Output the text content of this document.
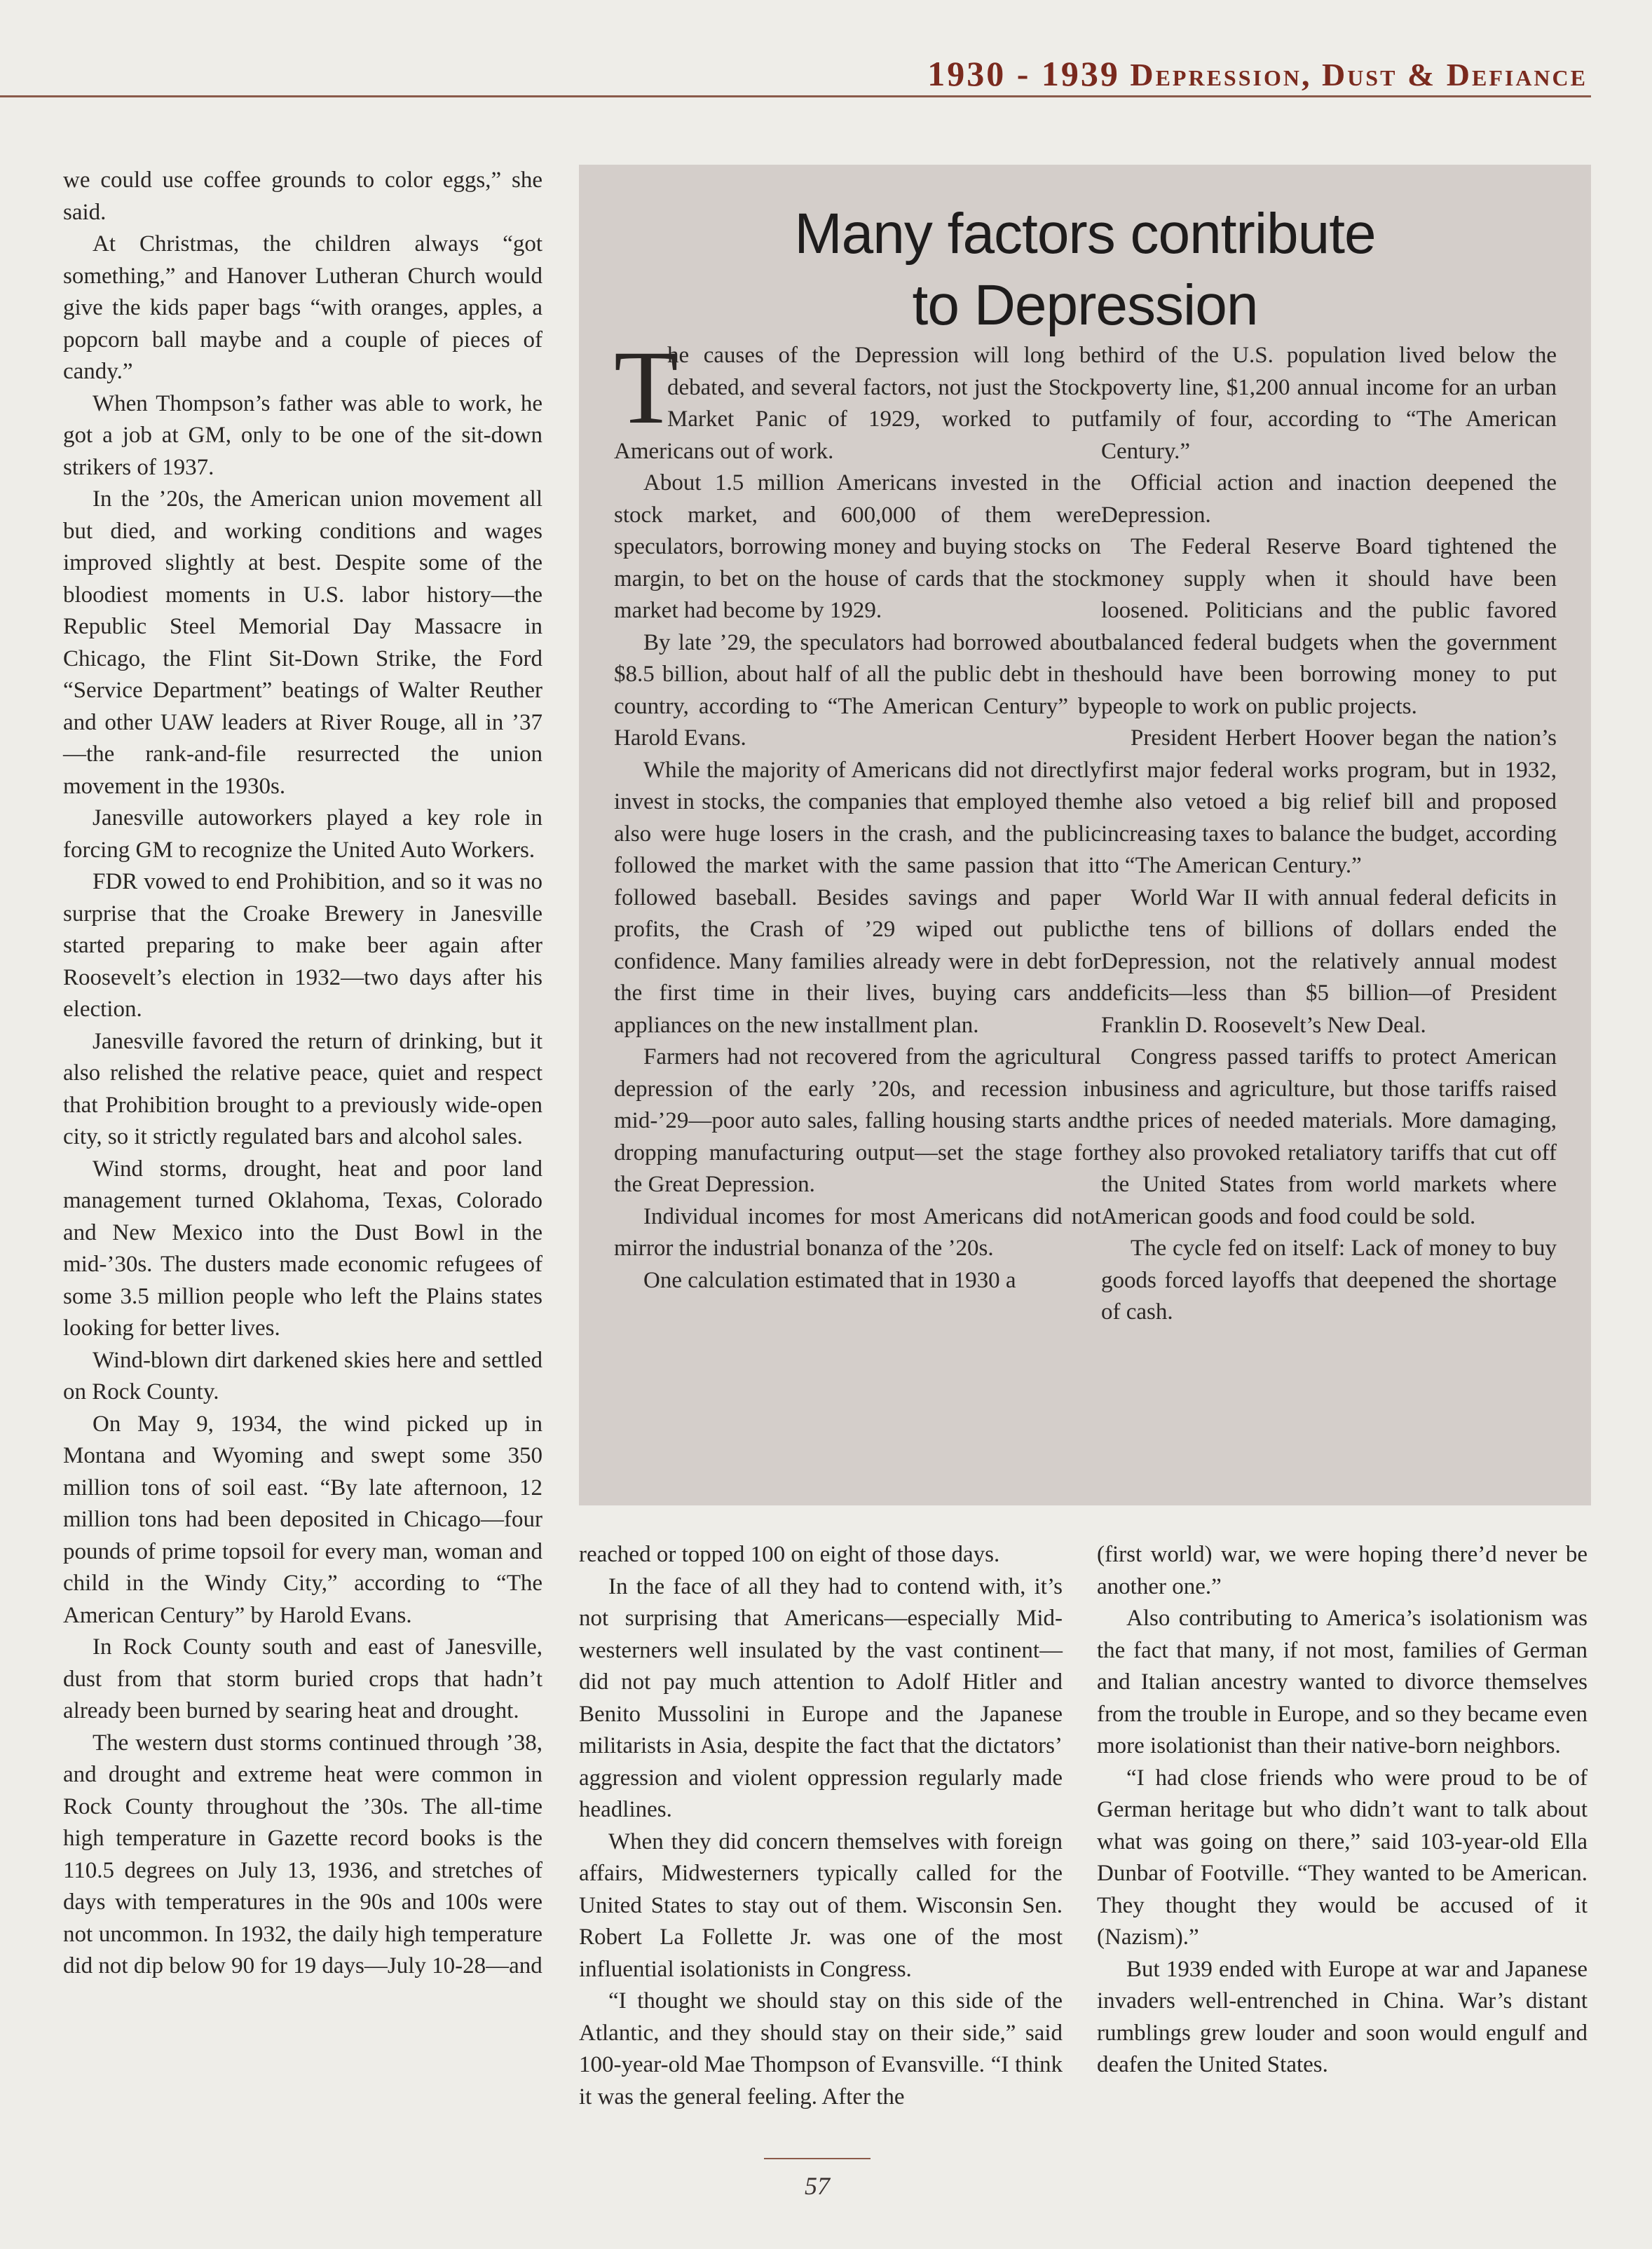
1930 - 1939 Depression, Dust & Defiance

we could use coffee grounds to color eggs,” she said.

At Christmas, the children always “got something,” and Hanover Lutheran Church would give the kids paper bags “with oranges, apples, a popcorn ball maybe and a couple of pieces of candy.”

When Thompson’s father was able to work, he got a job at GM, only to be one of the sit-down strikers of 1937.

In the ’20s, the American union movement all but died, and working conditions and wages improved slightly at best. Despite some of the bloodiest moments in U.S. labor history—the Republic Steel Memorial Day Massacre in Chicago, the Flint Sit-Down Strike, the Ford “Service Department” beatings of Walter Reuther and other UAW leaders at River Rouge, all in ’37—the rank-and-file resurrected the union movement in the 1930s.

Janesville autoworkers played a key role in forcing GM to recognize the United Auto Workers.

FDR vowed to end Prohibition, and so it was no surprise that the Croake Brewery in Janesville started preparing to make beer again after Roosevelt’s election in 1932—two days after his election.

Janesville favored the return of drinking, but it also relished the relative peace, quiet and respect that Prohibition brought to a previously wide-open city, so it strictly regulated bars and alcohol sales.

Wind storms, drought, heat and poor land management turned Oklahoma, Texas, Colorado and New Mexico into the Dust Bowl in the mid-’30s. The dusters made economic refugees of some 3.5 million people who left the Plains states looking for better lives.

Wind-blown dirt darkened skies here and settled on Rock County.

On May 9, 1934, the wind picked up in Montana and Wyoming and swept some 350 million tons of soil east. “By late afternoon, 12 million tons had been deposited in Chicago—four pounds of prime topsoil for every man, woman and child in the Windy City,” according to “The American Century” by Harold Evans.

In Rock County south and east of Janesville, dust from that storm buried crops that hadn’t already been burned by searing heat and drought.

The western dust storms continued through ’38, and drought and extreme heat were common in Rock County throughout the ’30s. The all-time high temperature in Gazette record books is the 110.5 degrees on July 13, 1936, and stretches of days with temperatures in the 90s and 100s were not uncommon. In 1932, the daily high temperature did not dip below 90 for 19 days—July 10-28—and

Many factors contribute
to Depression

T
he causes of the Depression will long be debated, and several factors, not just the Stock Market Panic of 1929, worked to put Americans out of work.

About 1.5 million Americans invested in the stock market, and 600,000 of them were speculators, borrowing money and buying stocks on margin, to bet on the house of cards that the stock market had become by 1929.

By late ’29, the speculators had borrowed about $8.5 billion, about half of all the public debt in the country, according to “The American Century” by Harold Evans.

While the majority of Americans did not directly invest in stocks, the companies that employed them also were huge losers in the crash, and the public followed the market with the same passion that it followed baseball. Besides savings and paper profits, the Crash of ’29 wiped out public confidence. Many families already were in debt for the first time in their lives, buying cars and appliances on the new installment plan.

Farmers had not recovered from the agricultural depression of the early ’20s, and recession in mid-’29—poor auto sales, falling housing starts and dropping manufacturing output—set the stage for the Great Depression.

Individual incomes for most Americans did not mirror the industrial bonanza of the ’20s.

One calculation estimated that in 1930 a

third of the U.S. population lived below the poverty line, $1,200 annual income for an urban family of four, according to “The American Century.”

Official action and inaction deepened the Depression.

The Federal Reserve Board tightened the money supply when it should have been loosened. Politicians and the public favored balanced federal budgets when the government should have been borrowing money to put people to work on public projects.

President Herbert Hoover began the nation’s first major federal works program, but in 1932, he also vetoed a big relief bill and proposed increasing taxes to balance the budget, according to “The American Century.”

World War II with annual federal deficits in the tens of billions of dollars ended the Depression, not the relatively annual modest deficits—less than $5 billion—of President Franklin D. Roosevelt’s New Deal.

Congress passed tariffs to protect American business and agriculture, but those tariffs raised the prices of needed materials. More damaging, they also provoked retaliatory tariffs that cut off the United States from world markets where American goods and food could be sold.

The cycle fed on itself: Lack of money to buy goods forced layoffs that deepened the shortage of cash.

reached or topped 100 on eight of those days.

In the face of all they had to contend with, it’s not surprising that Americans—especially Mid-westerners well insulated by the vast continent—did not pay much attention to Adolf Hitler and Benito Mussolini in Europe and the Japanese militarists in Asia, despite the fact that the dictators’ aggression and violent oppression regularly made headlines.

When they did concern themselves with foreign affairs, Midwesterners typically called for the United States to stay out of them. Wisconsin Sen. Robert La Follette Jr. was one of the most influential isolationists in Congress.

“I thought we should stay on this side of the Atlantic, and they should stay on their side,” said 100-year-old Mae Thompson of Evansville. “I think it was the general feeling. After the

(first world) war, we were hoping there’d never be another one.”

Also contributing to America’s isolationism was the fact that many, if not most, families of German and Italian ancestry wanted to divorce themselves from the trouble in Europe, and so they became even more isolationist than their native-born neighbors.

“I had close friends who were proud to be of German heritage but who didn’t want to talk about what was going on there,” said 103-year-old Ella Dunbar of Footville. “They wanted to be American. They thought they would be accused of it (Nazism).”

But 1939 ended with Europe at war and Japanese invaders well-entrenched in China. War’s distant rumblings grew louder and soon would engulf and deafen the United States.

57
